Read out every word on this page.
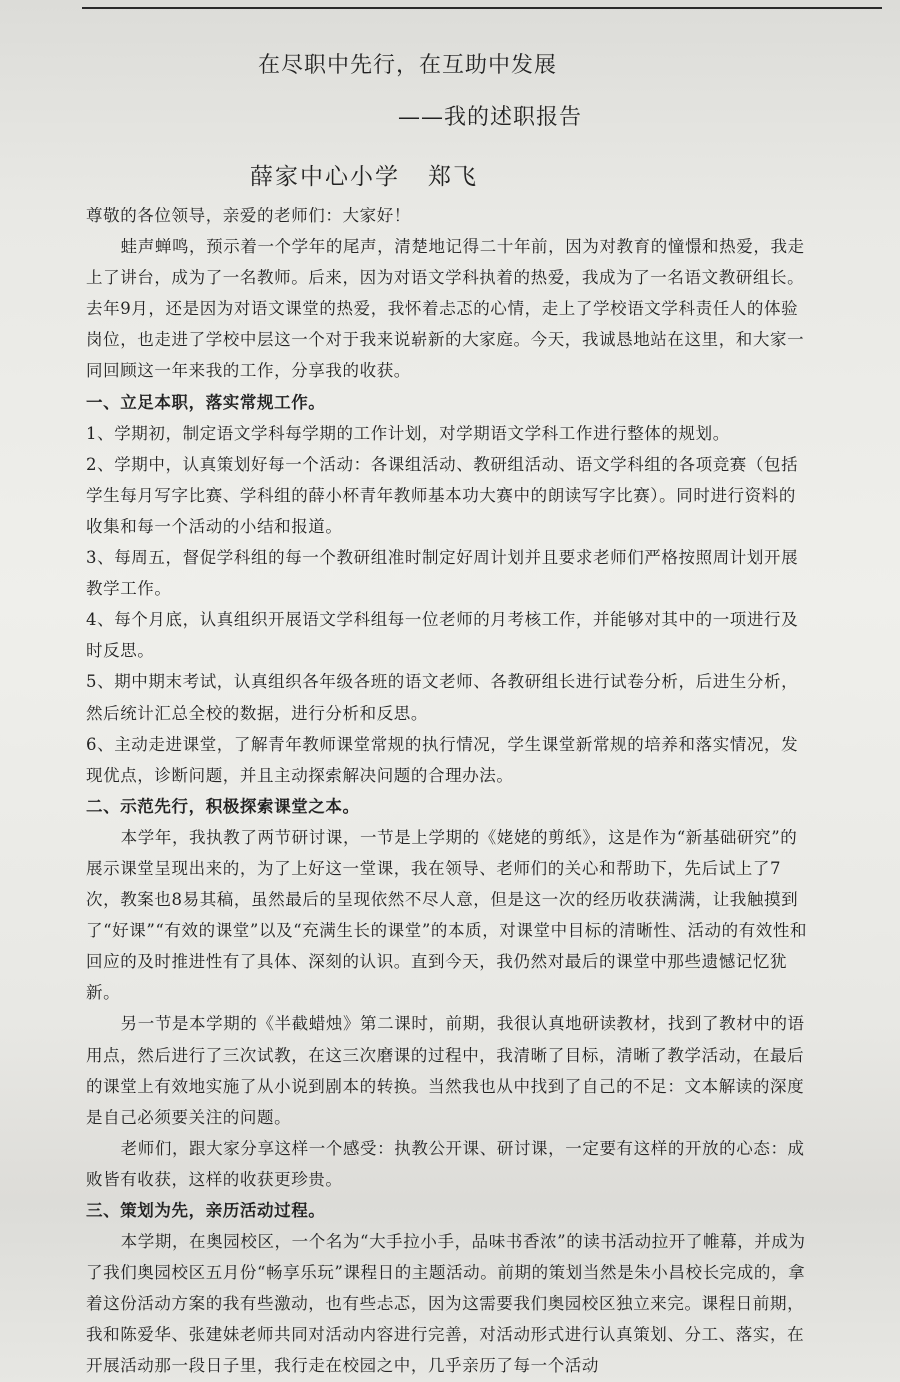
在尽职中先行，在互助中发展
——我的述职报告
薛家中心小学 郑飞

尊敬的各位领导，亲爱的老师们：大家好！

蛙声蝉鸣，预示着一个学年的尾声，清楚地记得二十年前，因为对教育的憧憬和热爱，我走上了讲台，成为了一名教师。后来，因为对语文学科执着的热爱，我成为了一名语文教研组长。去年9月，还是因为对语文课堂的热爱，我怀着忐忑的心情，走上了学校语文学科责任人的体验岗位，也走进了学校中层这一个对于我来说崭新的大家庭。今天，我诚恳地站在这里，和大家一同回顾这一年来我的工作，分享我的收获。

一、立足本职，落实常规工作。

1、学期初，制定语文学科每学期的工作计划，对学期语文学科工作进行整体的规划。

2、学期中，认真策划好每一个活动：各课组活动、教研组活动、语文学科组的各项竞赛（包括学生每月写字比赛、学科组的薛小杯青年教师基本功大赛中的朗读写字比赛）。同时进行资料的收集和每一个活动的小结和报道。

3、每周五，督促学科组的每一个教研组准时制定好周计划并且要求老师们严格按照周计划开展教学工作。

4、每个月底，认真组织开展语文学科组每一位老师的月考核工作，并能够对其中的一项进行及时反思。

5、期中期末考试，认真组织各年级各班的语文老师、各教研组长进行试卷分析，后进生分析，然后统计汇总全校的数据，进行分析和反思。

6、主动走进课堂，了解青年教师课堂常规的执行情况，学生课堂新常规的培养和落实情况，发现优点，诊断问题，并且主动探索解决问题的合理办法。

二、示范先行，积极探索课堂之本。

本学年，我执教了两节研讨课，一节是上学期的《姥姥的剪纸》，这是作为“新基础研究”的展示课堂呈现出来的，为了上好这一堂课，我在领导、老师们的关心和帮助下，先后试上了7次，教案也8易其稿，虽然最后的呈现依然不尽人意，但是这一次的经历收获满满，让我触摸到了“好课”“有效的课堂”以及“充满生长的课堂”的本质，对课堂中目标的清晰性、活动的有效性和回应的及时推进性有了具体、深刻的认识。直到今天，我仍然对最后的课堂中那些遗憾记忆犹新。

另一节是本学期的《半截蜡烛》第二课时，前期，我很认真地研读教材，找到了教材中的语用点，然后进行了三次试教，在这三次磨课的过程中，我清晰了目标，清晰了教学活动，在最后的课堂上有效地实施了从小说到剧本的转换。当然我也从中找到了自己的不足：文本解读的深度是自己必须要关注的问题。

老师们，跟大家分享这样一个感受：执教公开课、研讨课，一定要有这样的开放的心态：成败皆有收获，这样的收获更珍贵。

三、策划为先，亲历活动过程。

本学期，在奥园校区，一个名为“大手拉小手，品味书香浓”的读书活动拉开了帷幕，并成为了我们奥园校区五月份“畅享乐玩”课程日的主题活动。前期的策划当然是朱小昌校长完成的，拿着这份活动方案的我有些激动，也有些忐忑，因为这需要我们奥园校区独立来完。课程日前期，我和陈爱华、张建妹老师共同对活动内容进行完善，对活动形式进行认真策划、分工、落实，在开展活动那一段日子里，我行走在校园之中，几乎亲历了每一个活动
